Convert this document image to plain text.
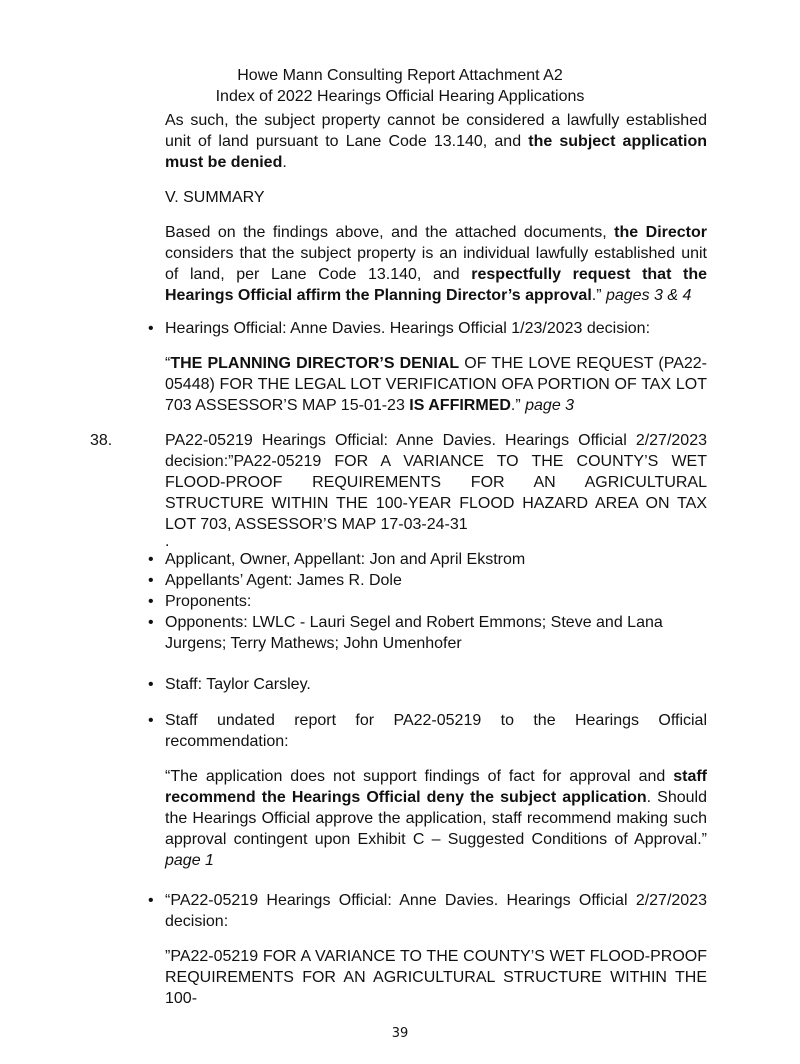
Howe Mann Consulting Report Attachment A2
Index of 2022 Hearings Official Hearing Applications
As such, the subject property cannot be considered a lawfully established unit of land pursuant to Lane Code 13.140, and the subject application must be denied.
V. SUMMARY
Based on the findings above, and the attached documents, the Director considers that the subject property is an individual lawfully established unit of land, per Lane Code 13.140, and respectfully request that the Hearings Official affirm the Planning Director’s approval.” pages 3 & 4
• Hearings Official: Anne Davies. Hearings Official 1/23/2023 decision:
“THE PLANNING DIRECTOR’S DENIAL OF THE LOVE REQUEST (PA22-05448) FOR THE LEGAL LOT VERIFICATION OFA PORTION OF TAX LOT 703 ASSESSOR’S MAP 15-01-23 IS AFFIRMED.” page 3
38.	PA22-05219 Hearings Official: Anne Davies. Hearings Official 2/27/2023 decision:”PA22-05219 FOR A VARIANCE TO THE COUNTY’S WET FLOOD-PROOF REQUIREMENTS FOR AN AGRICULTURAL STRUCTURE WITHIN THE 100-YEAR FLOOD HAZARD AREA ON TAX LOT 703, ASSESSOR’S MAP 17-03-24-31
.
• Applicant, Owner, Appellant: Jon and April Ekstrom
• Appellants’ Agent: James R. Dole
• Proponents:
• Opponents: LWLC - Lauri Segel and Robert Emmons; Steve and Lana Jurgens; Terry Mathews; John Umenhofer
• Staff: Taylor Carsley.
• Staff undated report for PA22-05219 to the Hearings Official recommendation:
“The application does not support findings of fact for approval and staff recommend the Hearings Official deny the subject application. Should the Hearings Official approve the application, staff recommend making such approval contingent upon Exhibit C – Suggested Conditions of Approval.” page 1
• “PA22-05219 Hearings Official: Anne Davies. Hearings Official 2/27/2023 decision:
”PA22-05219 FOR A VARIANCE TO THE COUNTY’S WET FLOOD-PROOF REQUIREMENTS FOR AN AGRICULTURAL STRUCTURE WITHIN THE 100-
39
